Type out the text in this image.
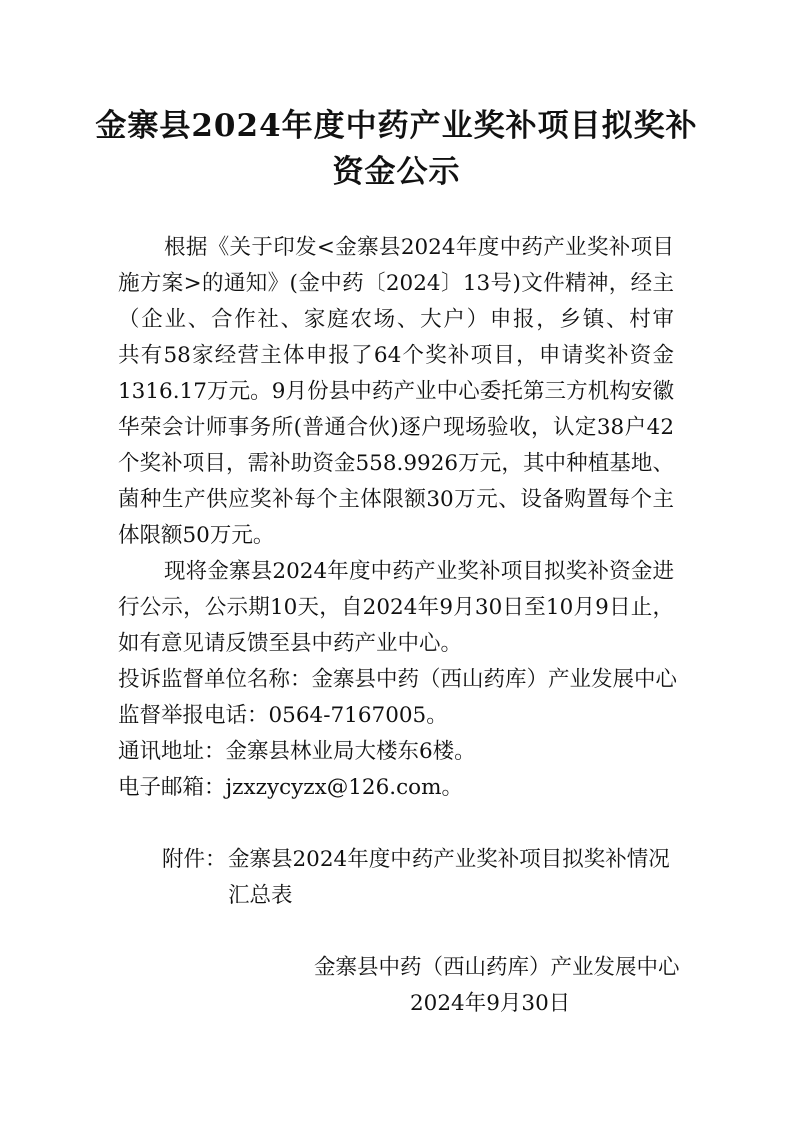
金寨县2024年度中药产业奖补项目拟奖补
资金公示
根据《关于印发<金寨县2024年度中药产业奖补项目
施方案>的通知》(金中药〔2024〕13号)文件精神，经主
（企业、合作社、家庭农场、大户）申报，乡镇、村审
共有58家经营主体申报了64个奖补项目，申请奖补资金
1316.17万元。9月份县中药产业中心委托第三方机构安徽
华荣会计师事务所(普通合伙)逐户现场验收，认定38户42
个奖补项目，需补助资金558.9926万元，其中种植基地、
菌种生产供应奖补每个主体限额30万元、设备购置每个主
体限额50万元。
现将金寨县2024年度中药产业奖补项目拟奖补资金进
行公示，公示期10天，自2024年9月30日至10月9日止，
如有意见请反馈至县中药产业中心。
投诉监督单位名称：金寨县中药（西山药库）产业发展中心
监督举报电话：0564-7167005。
通讯地址：金寨县林业局大楼东6楼。
电子邮箱：jzxzycyzx@126.com。
附件： 金寨县2024年度中药产业奖补项目拟奖补情况
汇总表
金寨县中药（西山药库）产业发展中心
2024年9月30日
